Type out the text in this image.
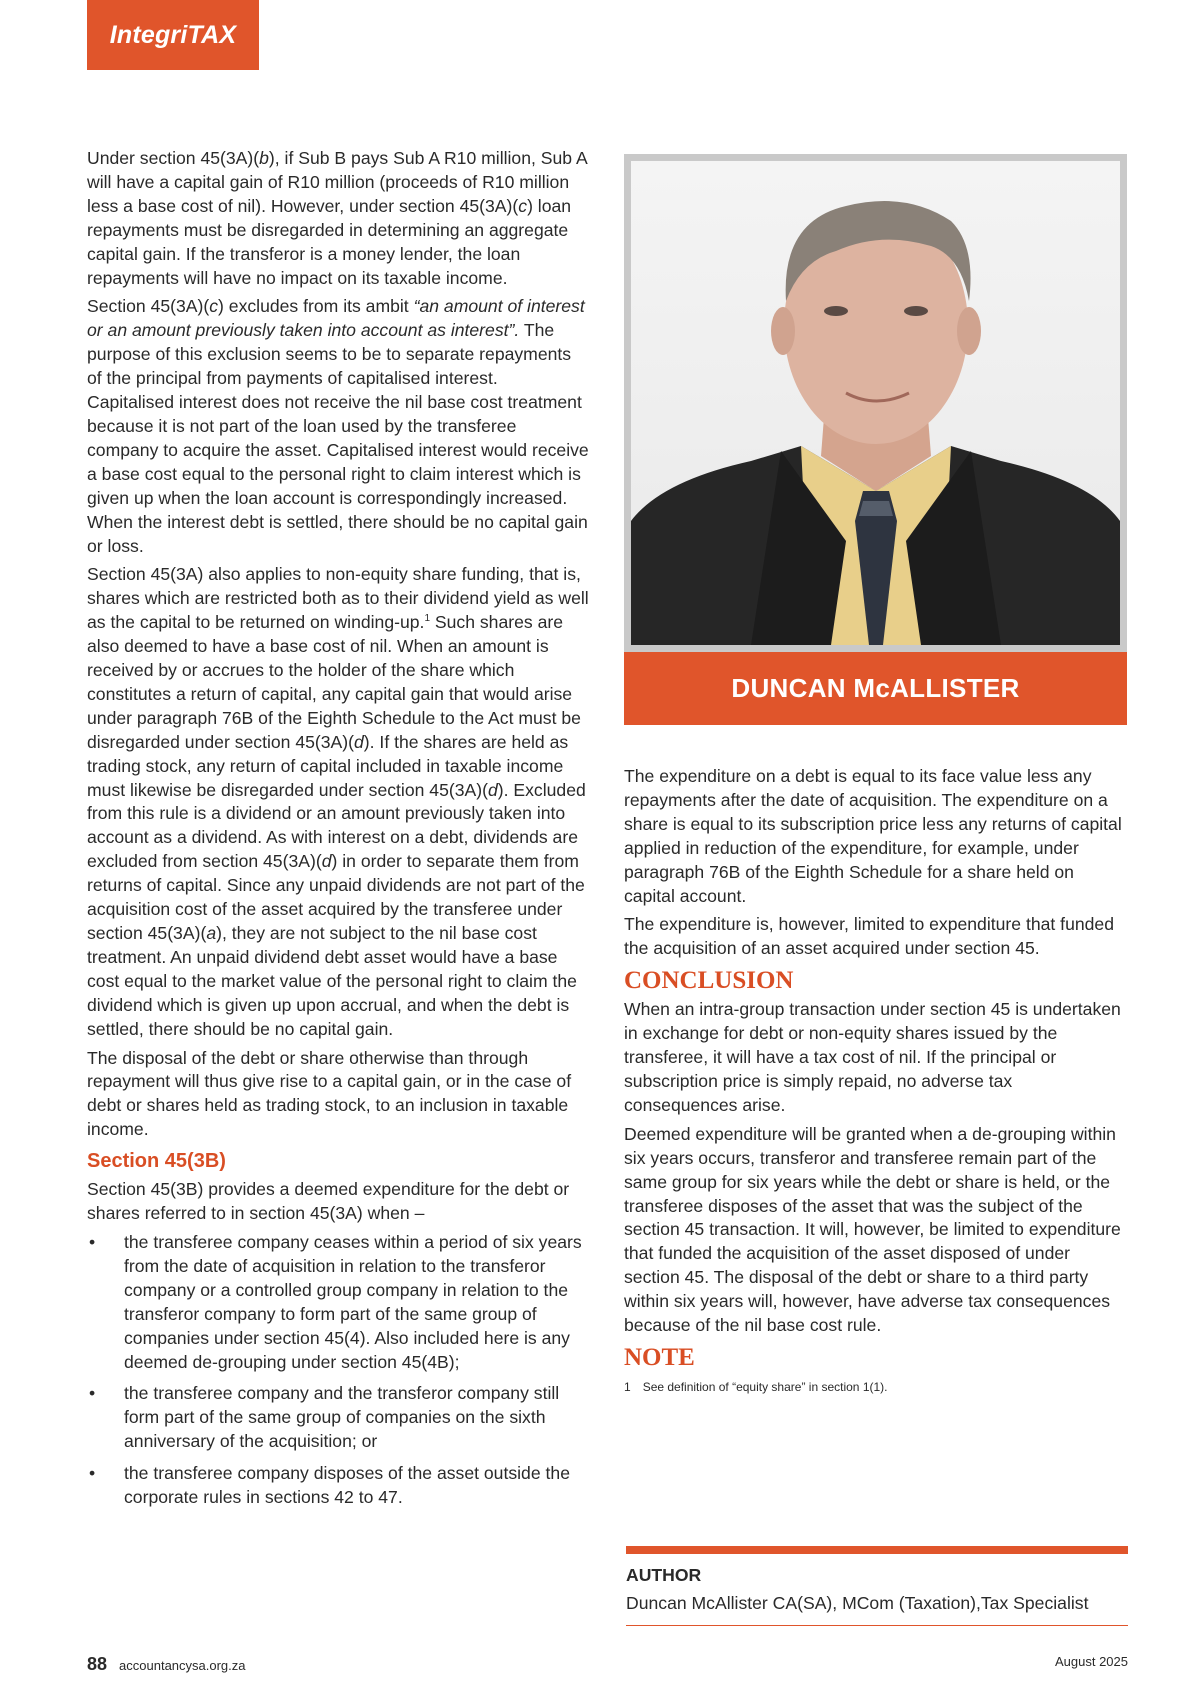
IntegriTAX

Under section 45(3A)(b), if Sub B pays Sub A R10 million, Sub A will have a capital gain of R10 million (proceeds of R10 million less a base cost of nil). However, under section 45(3A)(c) loan repayments must be disregarded in determining an aggregate capital gain. If the transferor is a money lender, the loan repayments will have no impact on its taxable income.

Section 45(3A)(c) excludes from its ambit “an amount of interest or an amount previously taken into account as interest”. The purpose of this exclusion seems to be to separate repayments of the principal from payments of capitalised interest. Capitalised interest does not receive the nil base cost treatment because it is not part of the loan used by the transferee company to acquire the asset. Capitalised interest would receive a base cost equal to the personal right to claim interest which is given up when the loan account is correspondingly increased. When the interest debt is settled, there should be no capital gain or loss.

Section 45(3A) also applies to non-equity share funding, that is, shares which are restricted both as to their dividend yield as well as the capital to be returned on winding-up.$^1$ Such shares are also deemed to have a base cost of nil. When an amount is received by or accrues to the holder of the share which constitutes a return of capital, any capital gain that would arise under paragraph 76B of the Eighth Schedule to the Act must be disregarded under section 45(3A)(d). If the shares are held as trading stock, any return of capital included in taxable income must likewise be disregarded under section 45(3A)(d). Excluded from this rule is a dividend or an amount previously taken into account as a dividend. As with interest on a debt, dividends are excluded from section 45(3A)(d) in order to separate them from returns of capital. Since any unpaid dividends are not part of the acquisition cost of the asset acquired by the transferee under section 45(3A)(a), they are not subject to the nil base cost treatment. An unpaid dividend debt asset would have a base cost equal to the market value of the personal right to claim the dividend which is given up upon accrual, and when the debt is settled, there should be no capital gain.

The disposal of the debt or share otherwise than through repayment will thus give rise to a capital gain, or in the case of debt or shares held as trading stock, to an inclusion in taxable income.

Section 45(3B)

Section 45(3B) provides a deemed expenditure for the debt or shares referred to in section 45(3A) when –

• the transferee company ceases within a period of six years from the date of acquisition in relation to the transferor company or a controlled group company in relation to the transferor company to form part of the same group of companies under section 45(4). Also included here is any deemed de-grouping under section 45(4B);
• the transferee company and the transferor company still form part of the same group of companies on the sixth anniversary of the acquisition; or
• the transferee company disposes of the asset outside the corporate rules in sections 42 to 47.
DUNCAN McALLISTER

The expenditure on a debt is equal to its face value less any repayments after the date of acquisition. The expenditure on a share is equal to its subscription price less any returns of capital applied in reduction of the expenditure, for example, under paragraph 76B of the Eighth Schedule for a share held on capital account.

The expenditure is, however, limited to expenditure that funded the acquisition of an asset acquired under section 45.

CONCLUSION

When an intra-group transaction under section 45 is undertaken in exchange for debt or non-equity shares issued by the transferee, it will have a tax cost of nil. If the principal or subscription price is simply repaid, no adverse tax consequences arise.

Deemed expenditure will be granted when a de-grouping within six years occurs, transferor and transferee remain part of the same group for six years while the debt or share is held, or the transferee disposes of the asset that was the subject of the section 45 transaction. It will, however, be limited to expenditure that funded the acquisition of the asset disposed of under section 45. The disposal of the debt or share to a third party within six years will, however, have adverse tax consequences because of the nil base cost rule.

NOTE
1 See definition of “equity share” in section 1(1).
AUTHOR
Duncan McAllister CA(SA), MCom (Taxation),Tax Specialist
88 accountancysa.org.za	August 2025
